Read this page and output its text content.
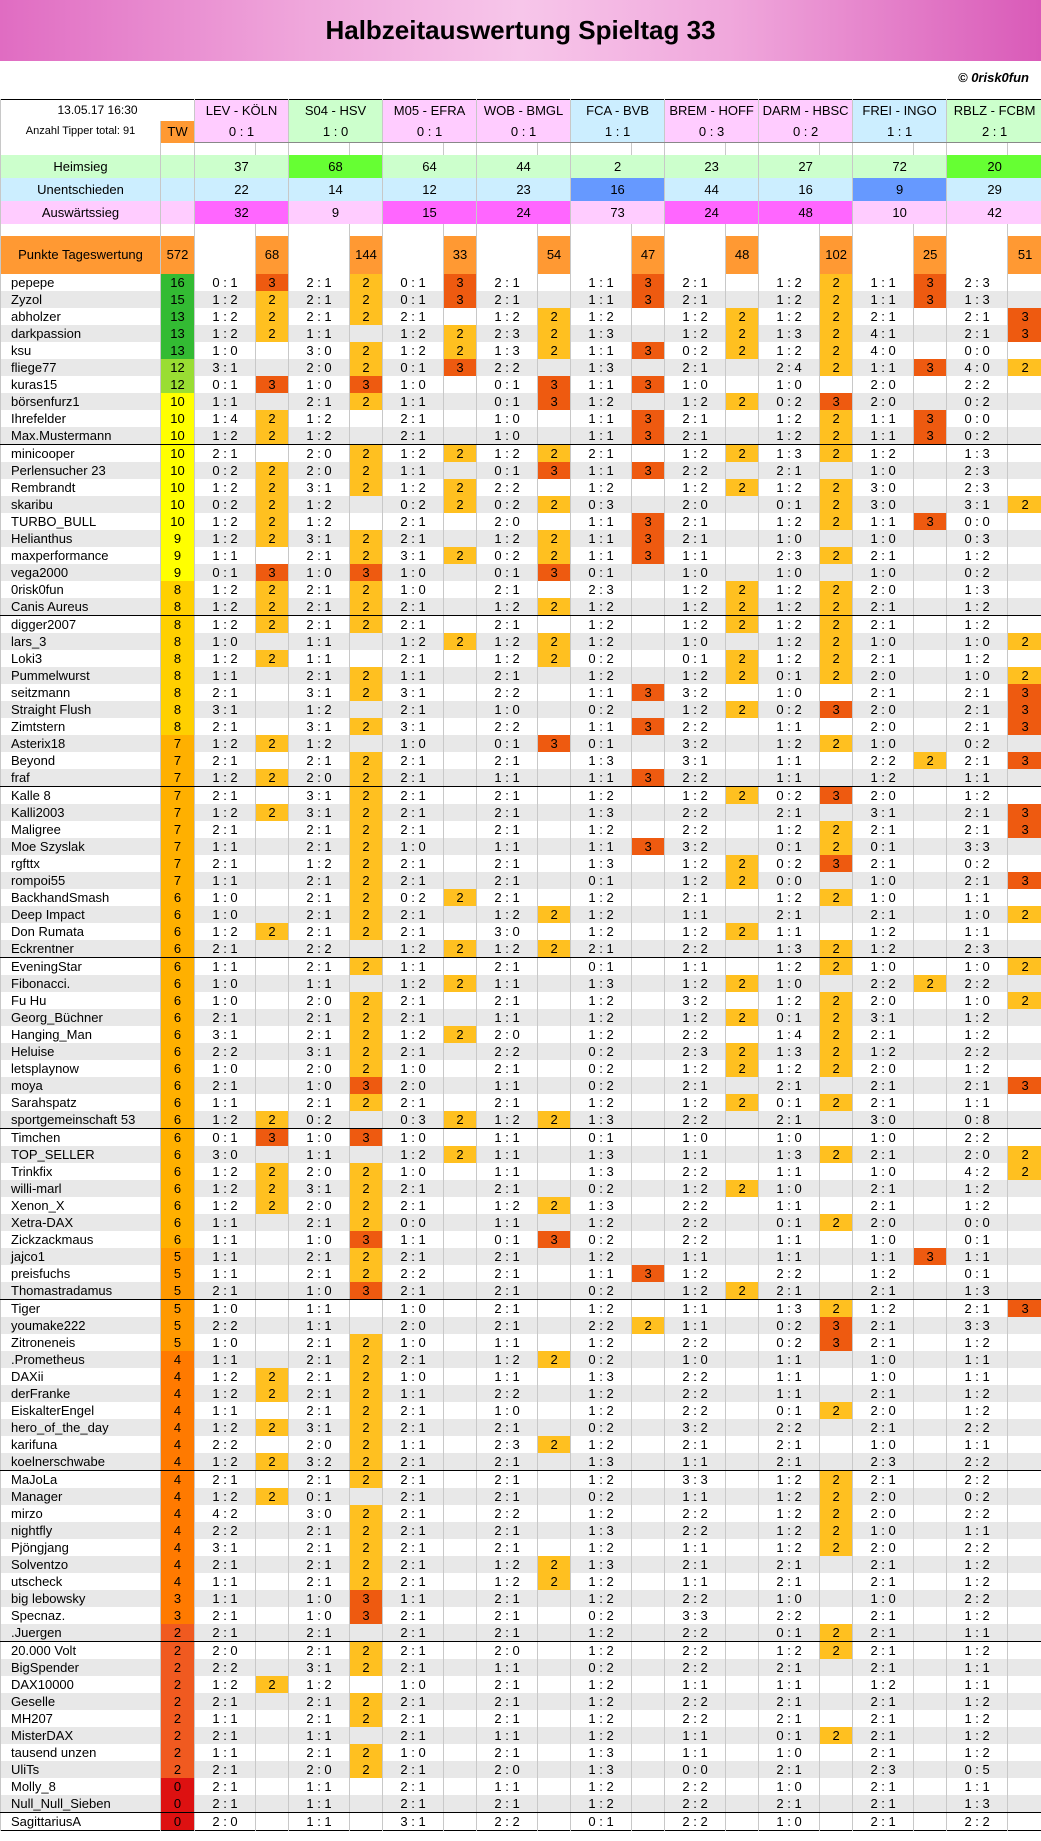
Halbzeitauswertung Spieltag 33
© 0risk0fun
13.05.17 16:30		LEV - KÖLN		S04 - HSV		M05 - EFRA		WOB - BMGL		FCA - BVB		BREM - HOFF		DARM - HBSC		FREI - INGO		RBLZ - FCBM	
Anzahl Tipper total: 91	TW	0 : 1		1 : 0		0 : 1		0 : 1		1 : 1		0 : 3		0 : 2		1 : 1		2 : 1	

Heimsieg		37		68		64		44		2		23		27		72		20	
Unentschieden		22		14		12		23		16		44		16		9		29	
Auswärtssieg		32		9		15		24		73		24		48		10		42	

Punkte Tageswertung	572		68		144		33		54		47		48		102		25		51
pepepe	16	0 : 1	3	2 : 1	2	0 : 1	3	2 : 1		1 : 1	3	2 : 1		1 : 2	2	1 : 1	3	2 : 3	
Zyzol	15	1 : 2	2	2 : 1	2	0 : 1	3	2 : 1		1 : 1	3	2 : 1		1 : 2	2	1 : 1	3	1 : 3	
abholzer	13	1 : 2	2	2 : 1	2	2 : 1		1 : 2	2	1 : 2		1 : 2	2	1 : 2	2	2 : 1		2 : 1	3
darkpassion	13	1 : 2	2	1 : 1		1 : 2	2	2 : 3	2	1 : 3		1 : 2	2	1 : 3	2	4 : 1		2 : 1	3
ksu	13	1 : 0		3 : 0	2	1 : 2	2	1 : 3	2	1 : 1	3	0 : 2	2	1 : 2	2	4 : 0		0 : 0	
fliege77	12	3 : 1		2 : 0	2	0 : 1	3	2 : 2		1 : 3		2 : 1		2 : 4	2	1 : 1	3	4 : 0	2
kuras15	12	0 : 1	3	1 : 0	3	1 : 0		0 : 1	3	1 : 1	3	1 : 0		1 : 0		2 : 0		2 : 2	
börsenfurz1	10	1 : 1		2 : 1	2	1 : 1		0 : 1	3	1 : 2		1 : 2	2	0 : 2	3	2 : 0		0 : 2	
Ihrefelder	10	1 : 4	2	1 : 2		2 : 1		1 : 0		1 : 1	3	2 : 1		1 : 2	2	1 : 1	3	0 : 0	
Max.Mustermann	10	1 : 2	2	1 : 2		2 : 1		1 : 0		1 : 1	3	2 : 1		1 : 2	2	1 : 1	3	0 : 2	
minicooper	10	2 : 1		2 : 0	2	1 : 2	2	1 : 2	2	2 : 1		1 : 2	2	1 : 3	2	1 : 2		1 : 3	
Perlensucher 23	10	0 : 2	2	2 : 0	2	1 : 1		0 : 1	3	1 : 1	3	2 : 2		2 : 1		1 : 0		2 : 3	
Rembrandt	10	1 : 2	2	3 : 1	2	1 : 2	2	2 : 2		1 : 2		1 : 2	2	1 : 2	2	3 : 0		2 : 3	
skaribu	10	0 : 2	2	1 : 2		0 : 2	2	0 : 2	2	0 : 3		2 : 0		0 : 1	2	3 : 0		3 : 1	2
TURBO_BULL	10	1 : 2	2	1 : 2		2 : 1		2 : 0		1 : 1	3	2 : 1		1 : 2	2	1 : 1	3	0 : 0	
Helianthus	9	1 : 2	2	3 : 1	2	2 : 1		1 : 2	2	1 : 1	3	2 : 1		1 : 0		1 : 0		0 : 3	
maxperformance	9	1 : 1		2 : 1	2	3 : 1	2	0 : 2	2	1 : 1	3	1 : 1		2 : 3	2	2 : 1		1 : 2	
vega2000	9	0 : 1	3	1 : 0	3	1 : 0		0 : 1	3	0 : 1		1 : 0		1 : 0		1 : 0		0 : 2	
0risk0fun	8	1 : 2	2	2 : 1	2	1 : 0		2 : 1		2 : 3		1 : 2	2	1 : 2	2	2 : 0		1 : 3	
Canis Aureus	8	1 : 2	2	2 : 1	2	2 : 1		1 : 2	2	1 : 2		1 : 2	2	1 : 2	2	2 : 1		1 : 2	
digger2007	8	1 : 2	2	2 : 1	2	2 : 1		2 : 1		1 : 2		1 : 2	2	1 : 2	2	2 : 1		1 : 2	
lars_3	8	1 : 0		1 : 1		1 : 2	2	1 : 2	2	1 : 2		1 : 0		1 : 2	2	1 : 0		1 : 0	2
Loki3	8	1 : 2	2	1 : 1		2 : 1		1 : 2	2	0 : 2		0 : 1	2	1 : 2	2	2 : 1		1 : 2	
Pummelwurst	8	1 : 1		2 : 1	2	1 : 1		2 : 1		1 : 2		1 : 2	2	0 : 1	2	2 : 0		1 : 0	2
seitzmann	8	2 : 1		3 : 1	2	3 : 1		2 : 2		1 : 1	3	3 : 2		1 : 0		2 : 1		2 : 1	3
Straight Flush	8	3 : 1		1 : 2		2 : 1		1 : 0		0 : 2		1 : 2	2	0 : 2	3	2 : 0		2 : 1	3
Zimtstern	8	2 : 1		3 : 1	2	3 : 1		2 : 2		1 : 1	3	2 : 2		1 : 1		2 : 0		2 : 1	3
Asterix18	7	1 : 2	2	1 : 2		1 : 0		0 : 1	3	0 : 1		3 : 2		1 : 2	2	1 : 0		0 : 2	
Beyond	7	2 : 1		2 : 1	2	2 : 1		2 : 1		1 : 3		3 : 1		1 : 1		2 : 2	2	2 : 1	3
fraf	7	1 : 2	2	2 : 0	2	2 : 1		1 : 1		1 : 1	3	2 : 2		1 : 1		1 : 2		1 : 1	
Kalle 8	7	2 : 1		3 : 1	2	2 : 1		2 : 1		1 : 2		1 : 2	2	0 : 2	3	2 : 0		1 : 2	
Kalli2003	7	1 : 2	2	3 : 1	2	2 : 1		2 : 1		1 : 3		2 : 2		2 : 1		3 : 1		2 : 1	3
Maligree	7	2 : 1		2 : 1	2	2 : 1		2 : 1		1 : 2		2 : 2		1 : 2	2	2 : 1		2 : 1	3
Moe Szyslak	7	1 : 1		2 : 1	2	1 : 0		1 : 1		1 : 1	3	3 : 2		0 : 1	2	0 : 1		3 : 3	
rgfttx	7	2 : 1		1 : 2	2	2 : 1		2 : 1		1 : 3		1 : 2	2	0 : 2	3	2 : 1		0 : 2	
rompoi55	7	1 : 1		2 : 1	2	2 : 1		2 : 1		0 : 1		1 : 2	2	0 : 0		1 : 0		2 : 1	3
BackhandSmash	6	1 : 0		2 : 1	2	0 : 2	2	2 : 1		1 : 2		2 : 1		1 : 2	2	1 : 0		1 : 1	
Deep Impact	6	1 : 0		2 : 1	2	2 : 1		1 : 2	2	1 : 2		1 : 1		2 : 1		2 : 1		1 : 0	2
Don Rumata	6	1 : 2	2	2 : 1	2	2 : 1		3 : 0		1 : 2		1 : 2	2	1 : 1		1 : 2		1 : 1	
Eckrentner	6	2 : 1		2 : 2		1 : 2	2	1 : 2	2	2 : 1		2 : 2		1 : 3	2	1 : 2		2 : 3	
EveningStar	6	1 : 1		2 : 1	2	1 : 1		2 : 1		0 : 1		1 : 1		1 : 2	2	1 : 0		1 : 0	2
Fibonacci.	6	1 : 0		1 : 1		1 : 2	2	1 : 1		1 : 3		1 : 2	2	1 : 0		2 : 2	2	2 : 2	
Fu Hu	6	1 : 0		2 : 0	2	2 : 1		2 : 1		1 : 2		3 : 2		1 : 2	2	2 : 0		1 : 0	2
Georg_Büchner	6	2 : 1		2 : 1	2	2 : 1		1 : 1		1 : 2		1 : 2	2	0 : 1	2	3 : 1		1 : 2	
Hanging_Man	6	3 : 1		2 : 1	2	1 : 2	2	2 : 0		1 : 2		2 : 2		1 : 4	2	2 : 1		1 : 2	
Heluise	6	2 : 2		3 : 1	2	2 : 1		2 : 2		0 : 2		2 : 3	2	1 : 3	2	1 : 2		2 : 2	
letsplaynow	6	1 : 0		2 : 0	2	1 : 0		2 : 1		0 : 2		1 : 2	2	1 : 2	2	2 : 0		1 : 2	
moya	6	2 : 1		1 : 0	3	2 : 0		1 : 1		0 : 2		2 : 1		2 : 1		2 : 1		2 : 1	3
Sarahspatz	6	1 : 1		2 : 1	2	2 : 1		2 : 1		1 : 2		1 : 2	2	0 : 1	2	2 : 1		1 : 1	
sportgemeinschaft 53	6	1 : 2	2	0 : 2		0 : 3	2	1 : 2	2	1 : 3		2 : 2		2 : 1		3 : 0		0 : 8	
Timchen	6	0 : 1	3	1 : 0	3	1 : 0		1 : 1		0 : 1		1 : 0		1 : 0		1 : 0		2 : 2	
TOP_SELLER	6	3 : 0		1 : 1		1 : 2	2	1 : 1		1 : 3		1 : 1		1 : 3	2	2 : 1		2 : 0	2
Trinkfix	6	1 : 2	2	2 : 0	2	1 : 0		1 : 1		1 : 3		2 : 2		1 : 1		1 : 0		4 : 2	2
willi-marl	6	1 : 2	2	3 : 1	2	2 : 1		2 : 1		0 : 2		1 : 2	2	1 : 0		2 : 1		1 : 2	
Xenon_X	6	1 : 2	2	2 : 0	2	2 : 1		1 : 2	2	1 : 3		2 : 2		1 : 1		2 : 1		1 : 2	
Xetra-DAX	6	1 : 1		2 : 1	2	0 : 0		1 : 1		1 : 2		2 : 2		0 : 1	2	2 : 0		0 : 0	
Zickzackmaus	6	1 : 1		1 : 0	3	1 : 1		0 : 1	3	0 : 2		2 : 2		1 : 1		1 : 0		0 : 1	
jajco1	5	1 : 1		2 : 1	2	2 : 1		2 : 1		1 : 2		1 : 1		1 : 1		1 : 1	3	1 : 1	
preisfuchs	5	1 : 1		2 : 1	2	2 : 2		2 : 1		1 : 1	3	1 : 2		2 : 2		1 : 2		0 : 1	
Thomastradamus	5	2 : 1		1 : 0	3	2 : 1		2 : 1		0 : 2		1 : 2	2	2 : 1		2 : 1		1 : 3	
Tiger	5	1 : 0		1 : 1		1 : 0		2 : 1		1 : 2		1 : 1		1 : 3	2	1 : 2		2 : 1	3
youmake222	5	2 : 2		1 : 1		2 : 0		2 : 1		2 : 2	2	1 : 1		0 : 2	3	2 : 1		3 : 3	
Zitroneneis	5	1 : 0		2 : 1	2	1 : 0		1 : 1		1 : 2		2 : 2		0 : 2	3	2 : 1		1 : 2	
.Prometheus	4	1 : 1		2 : 1	2	2 : 1		1 : 2	2	0 : 2		1 : 0		1 : 1		1 : 0		1 : 1	
DAXii	4	1 : 2	2	2 : 1	2	1 : 0		1 : 1		1 : 3		2 : 2		1 : 1		1 : 0		1 : 1	
derFranke	4	1 : 2	2	2 : 1	2	1 : 1		2 : 2		1 : 2		2 : 2		1 : 1		2 : 1		1 : 2	
EiskalterEngel	4	1 : 1		2 : 1	2	2 : 1		1 : 0		1 : 2		2 : 2		0 : 1	2	2 : 0		1 : 2	
hero_of_the_day	4	1 : 2	2	3 : 1	2	2 : 1		2 : 1		0 : 2		3 : 2		2 : 2		2 : 1		2 : 2	
karifuna	4	2 : 2		2 : 0	2	1 : 1		2 : 3	2	1 : 2		2 : 1		2 : 1		1 : 0		1 : 1	
koelnerschwabe	4	1 : 2	2	3 : 2	2	2 : 1		2 : 1		1 : 3		1 : 1		2 : 1		2 : 3		2 : 2	
MaJoLa	4	2 : 1		2 : 1	2	2 : 1		2 : 1		1 : 2		3 : 3		1 : 2	2	2 : 1		2 : 2	
Manager	4	1 : 2	2	0 : 1		2 : 1		2 : 1		0 : 2		1 : 1		1 : 2	2	2 : 0		0 : 2	
mirzo	4	4 : 2		3 : 0	2	2 : 1		2 : 2		1 : 2		2 : 2		1 : 2	2	2 : 0		2 : 2	
nightfly	4	2 : 2		2 : 1	2	2 : 1		2 : 1		1 : 3		2 : 2		1 : 2	2	1 : 0		1 : 1	
Pjöngjang	4	3 : 1		2 : 1	2	2 : 1		2 : 1		1 : 2		1 : 1		1 : 2	2	2 : 0		2 : 2	
Solventzo	4	2 : 1		2 : 1	2	2 : 1		1 : 2	2	1 : 3		2 : 1		2 : 1		2 : 1		1 : 2	
utscheck	4	1 : 1		2 : 1	2	2 : 1		1 : 2	2	1 : 2		1 : 1		2 : 1		2 : 1		1 : 2	
big lebowsky	3	1 : 1		1 : 0	3	1 : 1		2 : 1		1 : 2		2 : 2		1 : 0		1 : 0		2 : 2	
Specnaz.	3	2 : 1		1 : 0	3	2 : 1		2 : 1		0 : 2		3 : 3		2 : 2		2 : 1		1 : 2	
.Juergen	2	2 : 1		2 : 1		2 : 1		2 : 1		1 : 2		2 : 2		0 : 1	2	2 : 1		1 : 1	
20.000 Volt	2	2 : 0		2 : 1	2	2 : 1		2 : 0		1 : 2		2 : 2		1 : 2	2	2 : 1		1 : 2	
BigSpender	2	2 : 2		3 : 1	2	2 : 1		1 : 1		0 : 2		2 : 2		2 : 1		2 : 1		1 : 1	
DAX10000	2	1 : 2	2	1 : 2		1 : 0		2 : 1		1 : 2		1 : 1		1 : 1		1 : 2		1 : 1	
Geselle	2	2 : 1		2 : 1	2	2 : 1		2 : 1		1 : 2		2 : 2		2 : 1		2 : 1		1 : 2	
MH207	2	1 : 1		2 : 1	2	2 : 1		2 : 1		1 : 2		2 : 2		2 : 1		2 : 1		1 : 2	
MisterDAX	2	2 : 1		1 : 1		2 : 1		1 : 1		1 : 2		1 : 1		0 : 1	2	2 : 1		1 : 2	
tausend unzen	2	1 : 1		2 : 1	2	1 : 0		2 : 1		1 : 3		1 : 1		1 : 0		2 : 1		1 : 2	
UliTs	2	2 : 1		2 : 0	2	2 : 1		2 : 0		1 : 3		0 : 0		2 : 1		2 : 3		0 : 5	
Molly_8	0	2 : 1		1 : 1		2 : 1		1 : 1		1 : 2		2 : 2		1 : 0		2 : 1		1 : 1	
Null_Null_Sieben	0	2 : 1		1 : 1		2 : 1		2 : 1		1 : 2		2 : 2		2 : 1		2 : 1		1 : 3	
SagittariusA	0	2 : 0		1 : 1		3 : 1		2 : 2		0 : 1		2 : 2		1 : 0		2 : 1		2 : 2	
